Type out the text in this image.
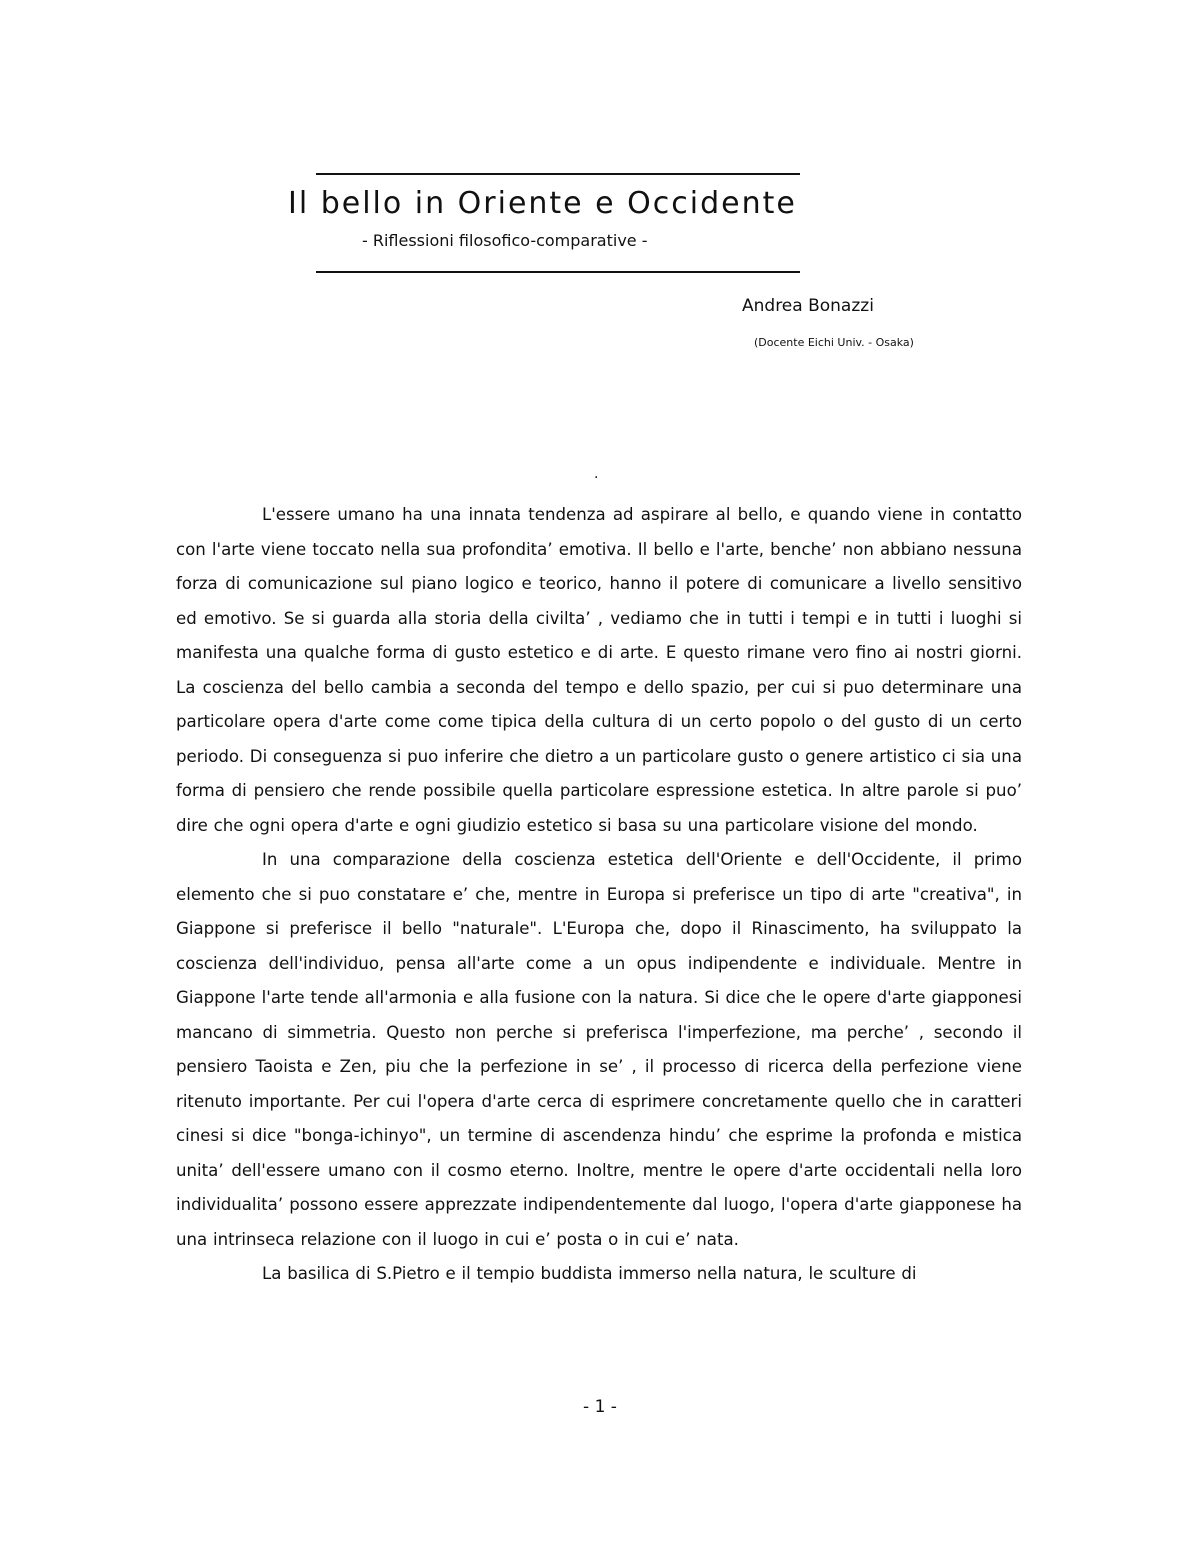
Il bello in Oriente e Occidente
- Riflessioni filosofico-comparative -
Andrea Bonazzi
(Docente Eichi Univ. - Osaka)
.

L'essere umano ha una innata tendenza ad aspirare al bello, e quando viene in contatto con l'arte viene toccato nella sua profondita’ emotiva. Il bello e l'arte, benche’ non abbiano nessuna forza di comunicazione sul piano logico e teorico, hanno il potere di comunicare a livello sensitivo ed emotivo. Se si guarda alla storia della civilta’ , vediamo che in tutti i tempi e in tutti i luoghi si manifesta una qualche forma di gusto estetico e di arte. E questo rimane vero fino ai nostri giorni. La coscienza del bello cambia a seconda del tempo e dello spazio, per cui si puo determinare una particolare opera d'arte come come tipica della cultura di un certo popolo o del gusto di un certo periodo. Di conseguenza si puo inferire che dietro a un particolare gusto o genere artistico ci sia una forma di pensiero che rende possibile quella particolare espressione estetica. In altre parole si puo’ dire che ogni opera d'arte e ogni giudizio estetico si basa su una particolare visione del mondo.

In una comparazione della coscienza estetica dell'Oriente e dell'Occidente, il primo elemento che si puo constatare e’ che, mentre in Europa si preferisce un tipo di arte "creativa", in Giappone si preferisce il bello "naturale". L'Europa che, dopo il Rinascimento, ha sviluppato la coscienza dell'individuo, pensa all'arte come a un opus indipendente e individuale. Mentre in Giappone l'arte tende all'armonia e alla fusione con la natura. Si dice che le opere d'arte giapponesi mancano di simmetria. Questo non perche si preferisca l'imperfezione, ma perche’ , secondo il pensiero Taoista e Zen, piu che la perfezione in se’ , il processo di ricerca della perfezione viene ritenuto importante. Per cui l'opera d'arte cerca di esprimere concretamente quello che in caratteri cinesi si dice "bonga-ichinyo", un termine di ascendenza hindu’ che esprime la profonda e mistica unita’ dell'essere umano con il cosmo eterno. Inoltre, mentre le opere d'arte occidentali nella loro individualita’ possono essere apprezzate indipendentemente dal luogo, l'opera d'arte giapponese ha una intrinseca relazione con il luogo in cui e’ posta o in cui e’ nata.

La basilica di S.Pietro e il tempio buddista immerso nella natura, le sculture di

- 1 -
